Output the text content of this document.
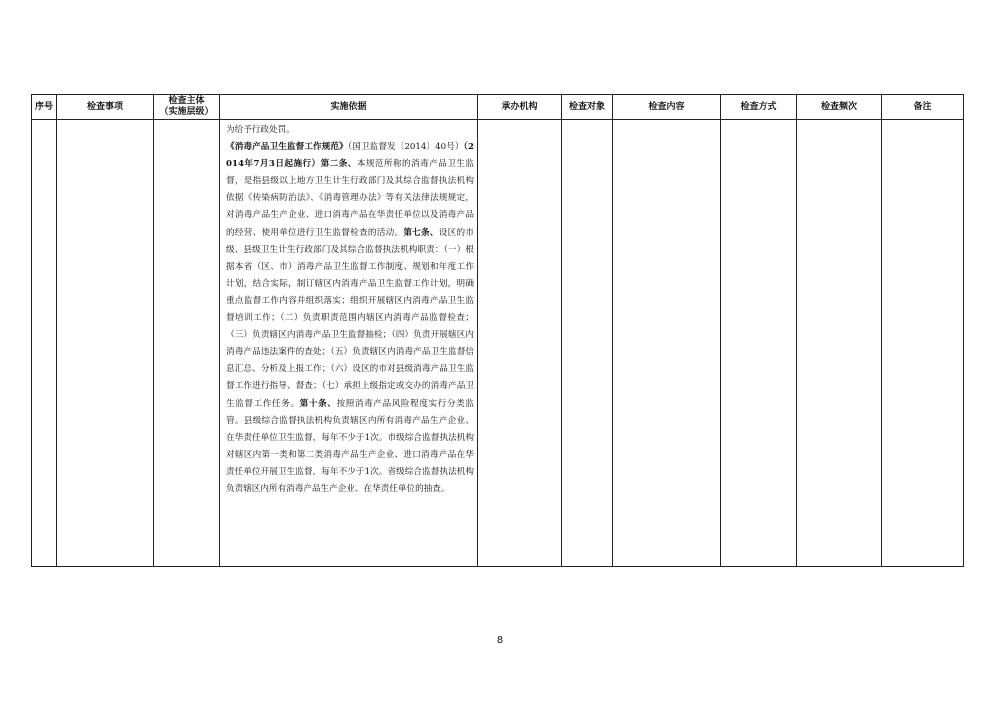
序号	检查事项	检查主体
（实施层级）	实施依据	承办机构	检查对象	检查内容	检查方式	检查频次	备注

			为给予行政处罚。
《消毒产品卫生监督工作规范》（国卫监督发〔2014〕40号）（2014年7月3日起施行）第二条、本规范所称的消毒产品卫生监督，是指县级以上地方卫生计生行政部门及其综合监督执法机构依据《传染病防治法》、《消毒管理办法》等有关法律法规规定，对消毒产品生产企业、进口消毒产品在华责任单位以及消毒产品的经营、使用单位进行卫生监督检查的活动。第七条、设区的市级、县级卫生计生行政部门及其综合监督执法机构职责：（一）根据本省（区、市）消毒产品卫生监督工作制度、规划和年度工作计划，结合实际，制订辖区内消毒产品卫生监督工作计划，明确重点监督工作内容并组织落实；组织开展辖区内消毒产品卫生监督培训工作；（二）负责职责范围内辖区内消毒产品监督检查；（三）负责辖区内消毒产品卫生监督抽检；（四）负责开展辖区内消毒产品违法案件的查处；（五）负责辖区内消毒产品卫生监督信息汇总、分析及上报工作；（六）设区的市对县级消毒产品卫生监督工作进行指导、督查；（七）承担上级指定或交办的消毒产品卫生监督工作任务。第十条、按照消毒产品风险程度实行分类监管。县级综合监督执法机构负责辖区内所有消毒产品生产企业、在华责任单位卫生监督，每年不少于1次。市级综合监督执法机构对辖区内第一类和第二类消毒产品生产企业、进口消毒产品在华责任单位开展卫生监督，每年不少于1次。省级综合监督执法机构负责辖区内所有消毒产品生产企业、在华责任单位的抽查。						

8
